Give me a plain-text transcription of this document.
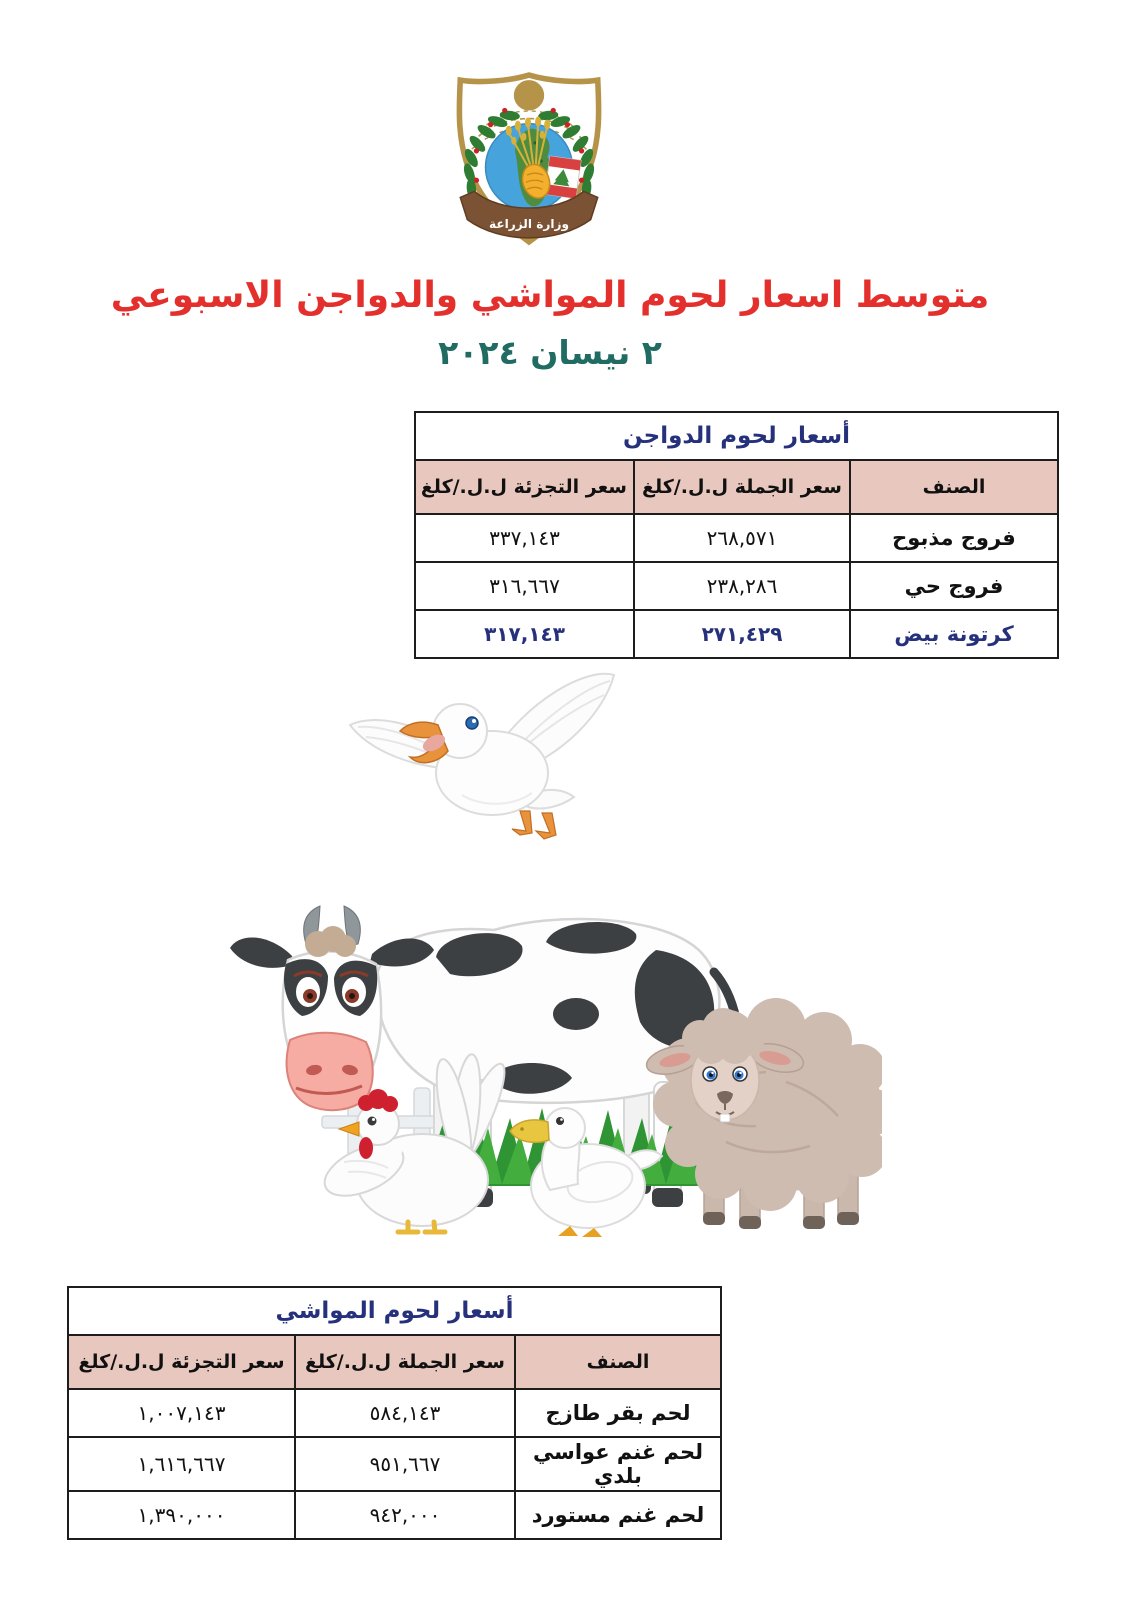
وزارة الزراعة
متوسط اسعار لحوم المواشي والدواجن الاسبوعي
٢ نيسان ٢٠٢٤
أسعار لحوم الدواجن		
الصنف	سعر الجملة ل.ل./كلغ	سعر التجزئة ل.ل./كلغ
فروج مذبوح	٢٦٨,٥٧١	٣٣٧,١٤٣
فروج حي	٢٣٨,٢٨٦	٣١٦,٦٦٧
كرتونة بيض	٢٧١,٤٢٩	٣١٧,١٤٣
أسعار لحوم المواشي		
الصنف	سعر الجملة ل.ل./كلغ	سعر التجزئة ل.ل./كلغ
لحم بقر طازج	٥٨٤,١٤٣	١,٠٠٧,١٤٣
لحم غنم عواسي بلدي	٩٥١,٦٦٧	١,٦١٦,٦٦٧
لحم غنم مستورد	٩٤٢,٠٠٠	١,٣٩٠,٠٠٠
